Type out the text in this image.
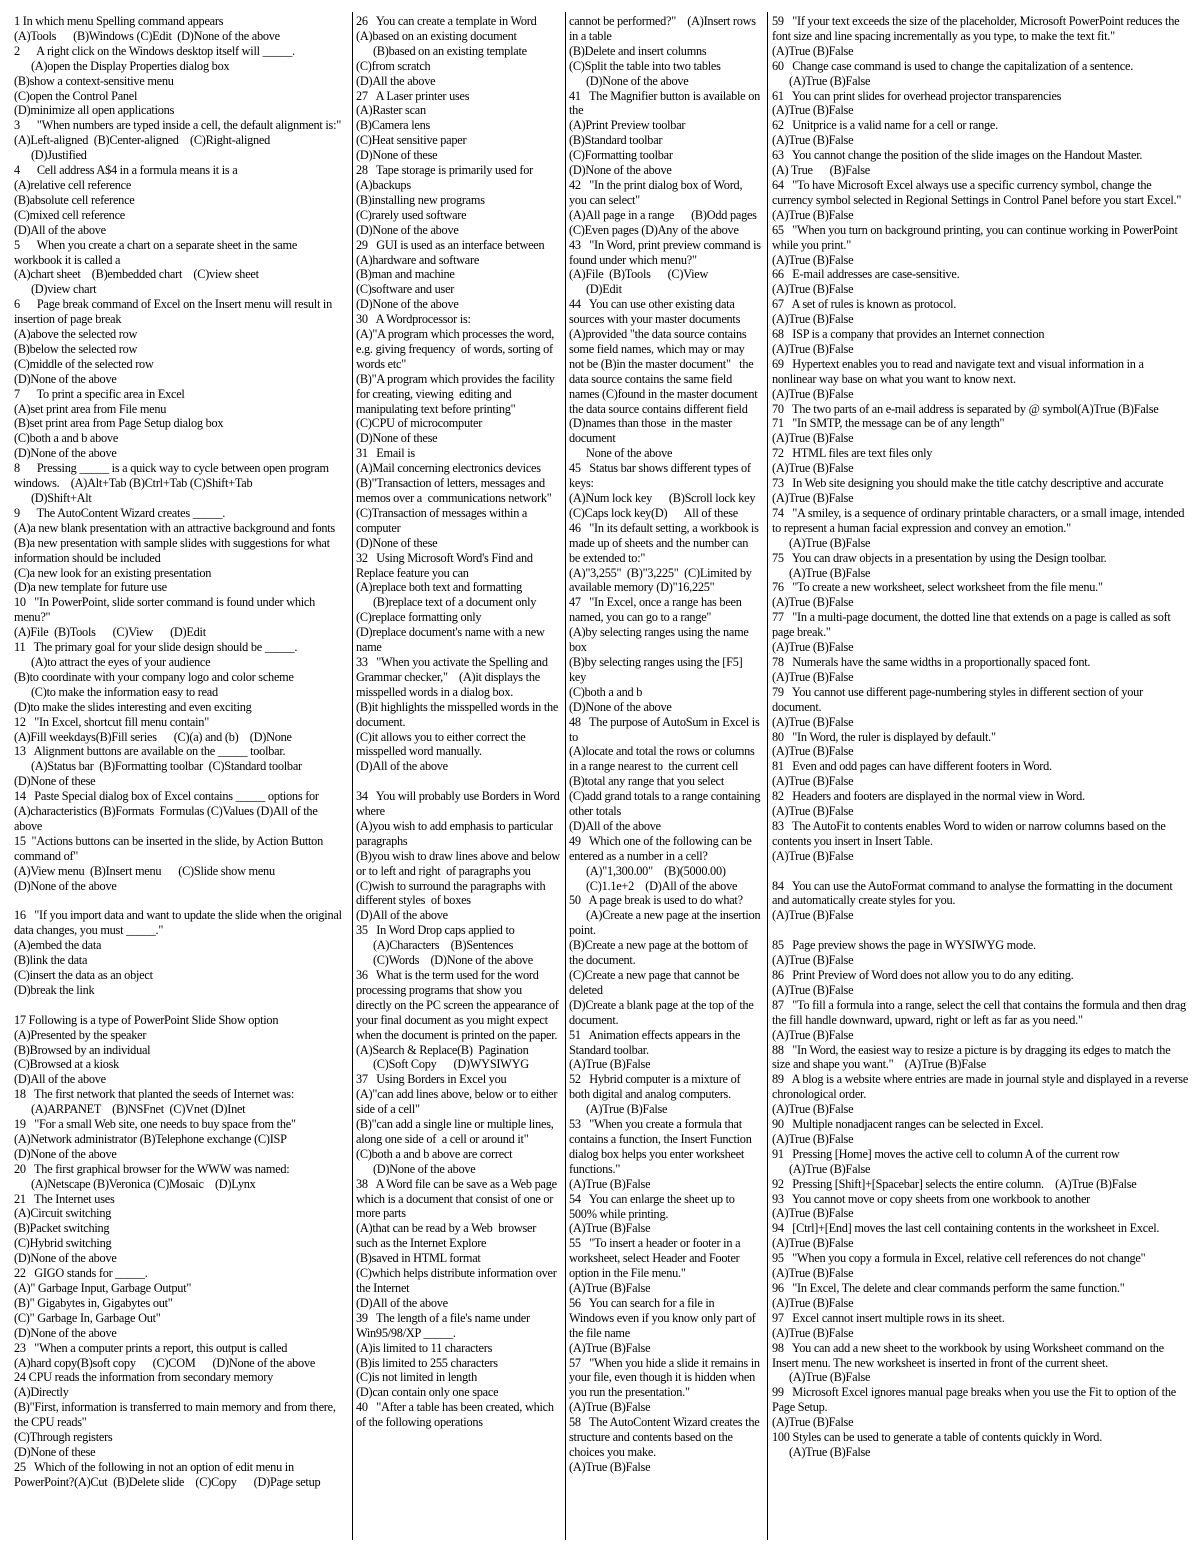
1 In which menu Spelling command appears

(A)Tools      (B)Windows (C)Edit  (D)None of the above

2      A right click on the Windows desktop itself will _____.

(A)open the Display Properties dialog box

(B)show a context-sensitive menu

(C)open the Control Panel

(D)minimize all open applications

3      "When numbers are typed inside a cell, the default alignment is:"

(A)Left-aligned  (B)Center-aligned    (C)Right-aligned

(D)Justified

4      Cell address A$4 in a formula means it is a

(A)relative cell reference

(B)absolute cell reference

(C)mixed cell reference

(D)All of the above

5      When you create a chart on a separate sheet in the same workbook it is called a

(A)chart sheet    (B)embedded chart    (C)view sheet

(D)view chart

6      Page break command of Excel on the Insert menu will result in insertion of page break

(A)above the selected row

(B)below the selected row

(C)middle of the selected row

(D)None of the above

7      To print a specific area in Excel

(A)set print area from File menu

(B)set print area from Page Setup dialog box

(C)both a and b above

(D)None of the above

8      Pressing _____ is a quick way to cycle between open program windows.    (A)Alt+Tab (B)Ctrl+Tab (C)Shift+Tab

(D)Shift+Alt

9      The AutoContent Wizard creates _____.

(A)a new blank presentation with an attractive background and fonts

(B)a new presentation with sample slides with suggestions for what information should be included

(C)a new look for an existing presentation

(D)a new template for future use

10   "In PowerPoint, slide sorter command is found under which menu?"

(A)File  (B)Tools      (C)View      (D)Edit

11   The primary goal for your slide design should be _____.

(A)to attract the eyes of your audience

(B)to coordinate with your company logo and color scheme

(C)to make the information easy to read

(D)to make the slides interesting and even exciting

12   "In Excel, shortcut fill menu contain"

(A)Fill weekdays(B)Fill series      (C)(a) and (b)    (D)None

13   Alignment buttons are available on the _____ toolbar.

(A)Status bar  (B)Formatting toolbar  (C)Standard toolbar

(D)None of these

14   Paste Special dialog box of Excel contains _____ options for (A)characteristics (B)Formats  Formulas (C)Values (D)All of the above

15  "Actions buttons can be inserted in the slide, by Action Button command of"

(A)View menu  (B)Insert menu      (C)Slide show menu

(D)None of the above

16   "If you import data and want to update the slide when the original data changes, you must _____."

(A)embed the data

(B)link the data

(C)insert the data as an object

(D)break the link

17 Following is a type of PowerPoint Slide Show option

(A)Presented by the speaker

(B)Browsed by an individual

(C)Browsed at a kiosk

(D)All of the above

18   The first network that planted the seeds of Internet was:

(A)ARPANET    (B)NSFnet  (C)Vnet (D)Inet

19   "For a small Web site, one needs to buy space from the"

(A)Network administrator (B)Telephone exchange (C)ISP

(D)None of the above

20   The first graphical browser for the WWW was named:

(A)Netscape (B)Veronica (C)Mosaic    (D)Lynx

21   The Internet uses

(A)Circuit switching

(B)Packet switching

(C)Hybrid switching

(D)None of the above

22   GIGO stands for _____.

(A)" Garbage Input, Garbage Output"

(B)" Gigabytes in, Gigabytes out"

(C)" Garbage In, Garbage Out"

(D)None of the above

23   "When a computer prints a report, this output is called

(A)hard copy(B)soft copy      (C)COM      (D)None of the above

24 CPU reads the information from secondary memory

(A)Directly

(B)"First, information is transferred to main memory and from there, the CPU reads"

(C)Through registers

(D)None of these

25   Which of the following in not an option of edit menu in PowerPoint?(A)Cut  (B)Delete slide    (C)Copy      (D)Page setup

26   You can create a template in Word

(A)based on an existing document

(B)based on an existing template

(C)from scratch

(D)All the above

27   A Laser printer uses

(A)Raster scan

(B)Camera lens

(C)Heat sensitive paper

(D)None of these

28   Tape storage is primarily used for

(A)backups

(B)installing new programs

(C)rarely used software

(D)None of the above

29   GUI is used as an interface between

(A)hardware and software

(B)man and machine

(C)software and user

(D)None of the above

30   A Wordprocessor is:

(A)"A program which processes the word, e.g. giving frequency  of words, sorting of words etc"

(B)"A program which provides the facility for creating, viewing  editing and manipulating text before printing"

(C)CPU of microcomputer

(D)None of these

31   Email is

(A)Mail concerning electronics devices

(B)"Transaction of letters, messages and memos over a  communications network"

(C)Transaction of messages within a computer

(D)None of these

32   Using Microsoft Word's Find and Replace feature you can

(A)replace both text and formatting

(B)replace text of a document only

(C)replace formatting only

(D)replace document's name with a new name

33   "When you activate the Spelling and Grammar checker,"    (A)it displays the misspelled words in a dialog box.

(B)it highlights the misspelled words in the document.

(C)it allows you to either correct the misspelled word manually.

(D)All of the above

34   You will probably use Borders in Word where

(A)you wish to add emphasis to particular paragraphs

(B)you wish to draw lines above and below or to left and right  of paragraphs you (C)wish to surround the paragraphs with different styles  of boxes

(D)All of the above

35   In Word Drop caps applied to

(A)Characters    (B)Sentences

(C)Words    (D)None of the above

36   What is the term used for the word processing programs that show you directly on the PC screen the appearance of your final document as you might expect when the document is printed on the paper.

(A)Search & Replace(B)  Pagination

(C)Soft Copy      (D)WYSIWYG

37   Using Borders in Excel you

(A)"can add lines above, below or to either side of a cell"

(B)"can add a single line or multiple lines, along one side of  a cell or around it"

(C)both a and b above are correct

(D)None of the above

38   A Word file can be save as a Web page which is a document that consist of one or more parts

(A)that can be read by a Web  browser such as the Internet Explore

(B)saved in HTML format

(C)which helps distribute information over the Internet

(D)All of the above

39   The length of a file's name under Win95/98/XP _____.

(A)is limited to 11 characters

(B)is limited to 255 characters

(C)is not limited in length

(D)can contain only one space

40   "After a table has been created, which of the following operations

cannot be performed?"    (A)Insert rows in a table

(B)Delete and insert columns

(C)Split the table into two tables

(D)None of the above

41   The Magnifier button is available on the

(A)Print Preview toolbar

(B)Standard toolbar

(C)Formatting toolbar

(D)None of the above

42   "In the print dialog box of Word, you can select"

(A)All page in a range      (B)Odd pages (C)Even pages (D)Any of the above

43   "In Word, print preview command is found under which menu?"

(A)File  (B)Tools      (C)View

(D)Edit

44   You can use other existing data sources with your master documents (A)provided "the data source contains some field names, which may or may not be (B)in the master document"   the data source contains the same field names (C)found in the master document the data source contains different field (D)names than those  in the master document

None of the above

45   Status bar shows different types of keys:

(A)Num lock key      (B)Scroll lock key (C)Caps lock key(D)      All of these

46   "In its default setting, a workbook is made up of sheets and the number can be extended to:"

(A)"3,255"  (B)"3,225"  (C)Limited by available memory (D)"16,225"

47   "In Excel, once a range has been named, you can go to a range"

(A)by selecting ranges using the name box

(B)by selecting ranges using the [F5] key

(C)both a and b

(D)None of the above

48   The purpose of AutoSum in Excel is to

(A)locate and total the rows or columns in a range nearest to  the current cell (B)total any range that you select

(C)add grand totals to a range containing other totals

(D)All of the above

49   Which one of the following can be entered as a number in a cell?

(A)"1,300.00"    (B)(5000.00)

(C)1.1e+2    (D)All of the above

50   A page break is used to do what?

(A)Create a new page at the insertion point.

(B)Create a new page at the bottom of the document.

(C)Create a new page that cannot be deleted

(D)Create a blank page at the top of the document.

51   Animation effects appears in the Standard toolbar.

(A)True (B)False

52   Hybrid computer is a mixture of both digital and analog computers.

(A)True (B)False

53   "When you create a formula that contains a function, the Insert Function dialog box helps you enter worksheet functions."

(A)True (B)False

54   You can enlarge the sheet up to 500% while printing.

(A)True (B)False

55   "To insert a header or footer in a worksheet, select Header and Footer option in the File menu."

(A)True (B)False

56   You can search for a file in Windows even if you know only part of the file name

(A)True (B)False

57   "When you hide a slide it remains in your file, even though it is hidden when you run the presentation."

(A)True (B)False

58   The AutoContent Wizard creates the structure and contents based on the choices you make.

(A)True (B)False

59   "If your text exceeds the size of the placeholder, Microsoft PowerPoint reduces the font size and line spacing incrementally as you type, to make the text fit."

(A)True (B)False

60   Change case command is used to change the capitalization of a sentence.

(A)True (B)False

61   You can print slides for overhead projector transparencies

(A)True (B)False

62   Unitprice is a valid name for a cell or range.

(A)True (B)False

63   You cannot change the position of the slide images on the Handout Master.

(A) True      (B)False

64   "To have Microsoft Excel always use a specific currency symbol, change the currency symbol selected in Regional Settings in Control Panel before you start Excel."

(A)True (B)False

65   "When you turn on background printing, you can continue working in PowerPoint while you print."

(A)True (B)False

66   E-mail addresses are case-sensitive.

(A)True (B)False

67   A set of rules is known as protocol.

(A)True (B)False

68   ISP is a company that provides an Internet connection

(A)True (B)False

69   Hypertext enables you to read and navigate text and visual information in a nonlinear way base on what you want to know next.

(A)True (B)False

70   The two parts of an e-mail address is separated by @ symbol(A)True (B)False

71   "In SMTP, the message can be of any length"

(A)True (B)False

72   HTML files are text files only

(A)True (B)False

73   In Web site designing you should make the title catchy descriptive and accurate

(A)True (B)False

74   "A smiley, is a sequence of ordinary printable characters, or a small image, intended to represent a human facial expression and convey an emotion."

(A)True (B)False

75   You can draw objects in a presentation by using the Design toolbar.

(A)True (B)False

76   "To create a new worksheet, select worksheet from the file menu."

(A)True (B)False

77   "In a multi-page document, the dotted line that extends on a page is called as soft page break."

(A)True (B)False

78   Numerals have the same widths in a proportionally spaced font.

(A)True (B)False

79   You cannot use different page-numbering styles in different section of your document.

(A)True (B)False

80   "In Word, the ruler is displayed by default."

(A)True (B)False

81   Even and odd pages can have different footers in Word.

(A)True (B)False

82   Headers and footers are displayed in the normal view in Word.

(A)True (B)False

83   The AutoFit to contents enables Word to widen or narrow columns based on the contents you insert in Insert Table.

(A)True (B)False

84   You can use the AutoFormat command to analyse the formatting in the document and automatically create styles for you.

(A)True (B)False

85   Page preview shows the page in WYSIWYG mode.

(A)True (B)False

86   Print Preview of Word does not allow you to do any editing.

(A)True (B)False

87   "To fill a formula into a range, select the cell that contains the formula and then drag the fill handle downward, upward, right or left as far as you need."

(A)True (B)False

88   "In Word, the easiest way to resize a picture is by dragging its edges to match the size and shape you want."    (A)True (B)False

89   A blog is a website where entries are made in journal style and displayed in a reverse chronological order.

(A)True (B)False

90   Multiple nonadjacent ranges can be selected in Excel.

(A)True (B)False

91   Pressing [Home] moves the active cell to column A of the current row

(A)True (B)False

92   Pressing [Shift]+[Spacebar] selects the entire column.    (A)True (B)False

93   You cannot move or copy sheets from one workbook to another

(A)True (B)False

94   [Ctrl]+[End] moves the last cell containing contents in the worksheet in Excel.

(A)True (B)False

95   "When you copy a formula in Excel, relative cell references do not change"

(A)True (B)False

96   "In Excel, The delete and clear commands perform the same function."

(A)True (B)False

97   Excel cannot insert multiple rows in its sheet.

(A)True (B)False

98   You can add a new sheet to the workbook by using Worksheet command on the Insert menu. The new worksheet is inserted in front of the current sheet.

(A)True (B)False

99   Microsoft Excel ignores manual page breaks when you use the Fit to option of the Page Setup.

(A)True (B)False

100 Styles can be used to generate a table of contents quickly in Word.

(A)True (B)False
